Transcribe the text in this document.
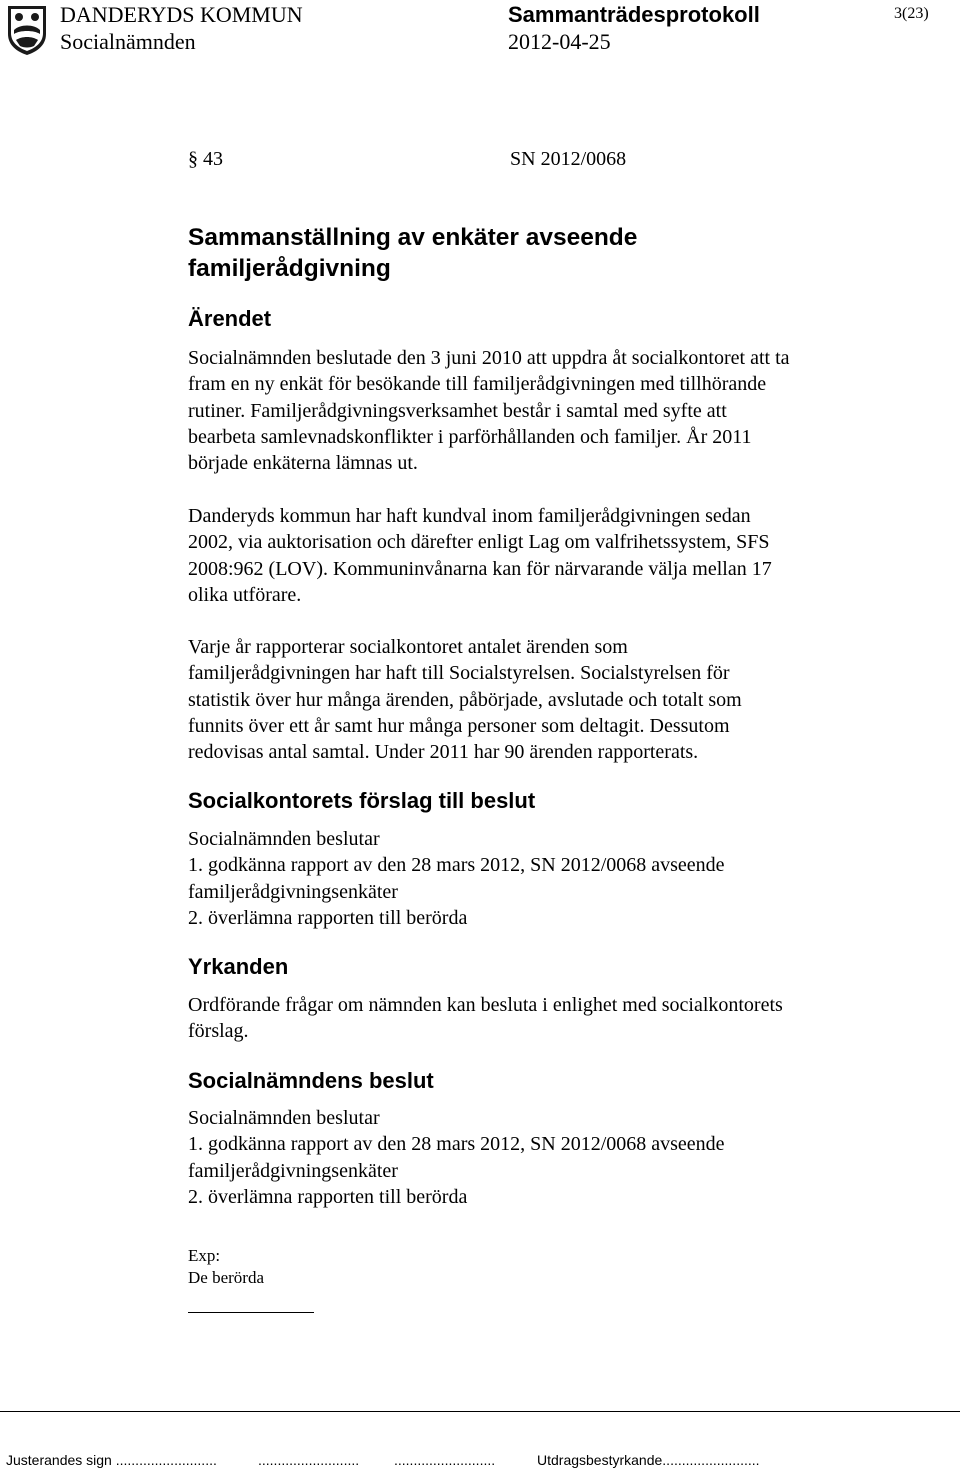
DANDERYDS KOMMUN
Socialnämnden
Sammanträdesprotokoll
2012-04-25
3(23)
§ 43	SN 2012/0068
Sammanställning av enkäter avseende
familjerådgivning
Ärendet
Socialnämnden beslutade den 3 juni 2010 att uppdra åt socialkontoret att ta
fram en ny enkät för besökande till familjerådgivningen med tillhörande
rutiner. Familjerådgivningsverksamhet består i samtal med syfte att
bearbeta samlevnadskonflikter i parförhållanden och familjer. År 2011
började enkäterna lämnas ut.
Danderyds kommun har haft kundval inom familjerådgivningen sedan
2002, via auktorisation och därefter enligt Lag om valfrihetssystem, SFS
2008:962 (LOV). Kommuninvånarna kan för närvarande välja mellan 17
olika utförare.
Varje år rapporterar socialkontoret antalet ärenden som
familjerådgivningen har haft till Socialstyrelsen. Socialstyrelsen för
statistik över hur många ärenden, påbörjade, avslutade och totalt som
funnits över ett år samt hur många personer som deltagit. Dessutom
redovisas antal samtal. Under 2011 har 90 ärenden rapporterats.
Socialkontorets förslag till beslut
Socialnämnden beslutar
1. godkänna rapport av den 28 mars 2012, SN 2012/0068 avseende
familjerådgivningsenkäter
2. överlämna rapporten till berörda
Yrkanden
Ordförande frågar om nämnden kan besluta i enlighet med socialkontorets
förslag.
Socialnämndens beslut
Socialnämnden beslutar
1. godkänna rapport av den 28 mars 2012, SN 2012/0068 avseende
familjerådgivningsenkäter
2. överlämna rapporten till berörda
Exp:
De berörda
Justerandes sign ..........................	.......................... ..........................	Utdragsbestyrkande.........................
